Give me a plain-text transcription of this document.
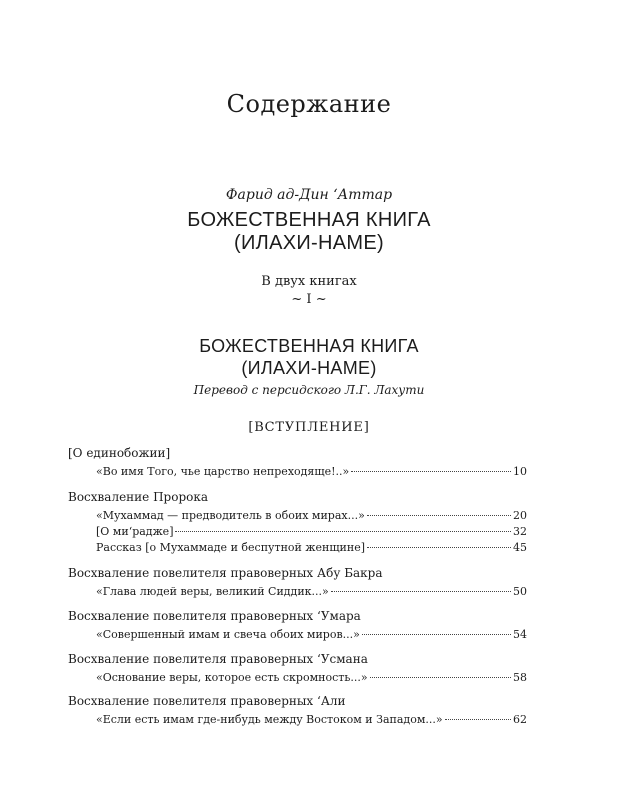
Содержание
Фарид ад-Дин ‘Аттар
БОЖЕСТВЕННАЯ КНИГА
(ИЛАХИ-НАМЕ)
В двух книгах
~ I ~
БОЖЕСТВЕННАЯ КНИГА
(ИЛАХИ-НАМЕ)
Перевод с персидского Л.Г. Лахути
[ВСТУПЛЕНИЕ]
[О единобожии]
«Во имя Того, чье царство непреходяще!..»	10
Восхваление Пророка
«Мухаммад — предводитель в обоих мирах...»	20
[О ми‘радже]	32
Рассказ [о Мухаммаде и беспутной женщине]	45
Восхваление повелителя правоверных Абу Бакра
«Глава людей веры, великий Сиддик...»	50
Восхваление повелителя правоверных ‘Умара
«Совершенный имам и свеча обоих миров...»	54
Восхваление повелителя правоверных ‘Усмана
«Основание веры, которое есть скромность...»	58
Восхваление повелителя правоверных ‘Али
«Если есть имам где-нибудь между Востоком и Западом...»	62
